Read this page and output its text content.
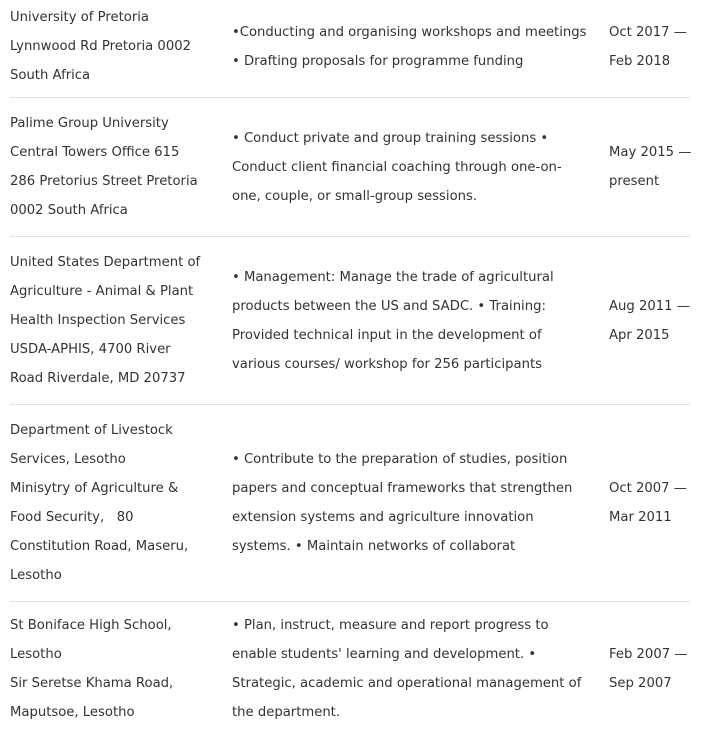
University of Pretoria
Lynnwood Rd Pretoria 0002
South Africa
•Conducting and organising workshops and meetings
• Drafting proposals for programme funding
Oct 2017 —
Feb 2018
Palime Group University
Central Towers Office 615
286 Pretorius Street Pretoria
0002 South Africa
• Conduct private and group training sessions •
Conduct client financial coaching through one-on-
one, couple, or small-group sessions.
May 2015 —
present
United States Department of
Agriculture - Animal & Plant
Health Inspection Services
USDA-APHIS, 4700 River
Road Riverdale, MD 20737
• Management: Manage the trade of agricultural
products between the US and SADC. • Training:
Provided technical input in the development of
various courses/ workshop for 256 participants
Aug 2011 —
Apr 2015
Department of Livestock
Services, Lesotho
Minisytry of Agriculture &
Food Security,   80
Constitution Road, Maseru,
Lesotho
• Contribute to the preparation of studies, position
papers and conceptual frameworks that strengthen
extension systems and agriculture innovation
systems. • Maintain networks of collaborat
Oct 2007 —
Mar 2011
St Boniface High School,
Lesotho
Sir Seretse Khama Road,
Maputsoe, Lesotho
• Plan, instruct, measure and report progress to
enable students' learning and development. •
Strategic, academic and operational management of
the department.
Feb 2007 —
Sep 2007
